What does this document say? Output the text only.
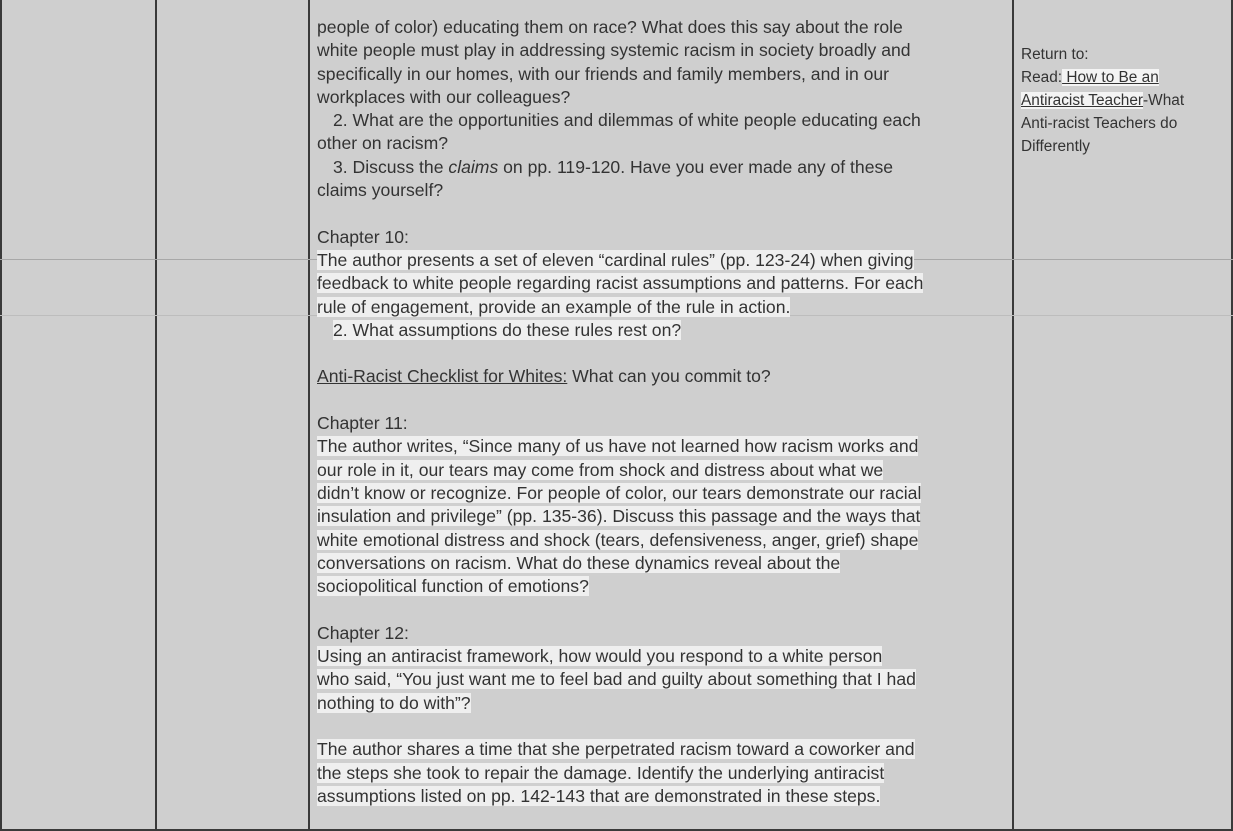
people of color) educating them on race? What does this say about the role
white people must play in addressing systemic racism in society broadly and
specifically in our homes, with our friends and family members, and in our
workplaces with our colleagues?

2. What are the opportunities and dilemmas of white people educating each
other on racism?

3. Discuss the claims on pp. 119-120. Have you ever made any of these
claims yourself?

Chapter 10:

The author presents a set of eleven “cardinal rules” (pp. 123-24) when giving
feedback to white people regarding racist assumptions and patterns. For each
rule of engagement, provide an example of the rule in action.

2. What assumptions do these rules rest on?

Anti-Racist Checklist for Whites: What can you commit to?

Chapter 11:

The author writes, “Since many of us have not learned how racism works and
our role in it, our tears may come from shock and distress about what we
didn’t know or recognize. For people of color, our tears demonstrate our racial
insulation and privilege” (pp. 135-36). Discuss this passage and the ways that
white emotional distress and shock (tears, defensiveness, anger, grief) shape
conversations on racism. What do these dynamics reveal about the
sociopolitical function of emotions?

Chapter 12:

Using an antiracist framework, how would you respond to a white person
who said, “You just want me to feel bad and guilty about something that I had
nothing to do with”?

The author shares a time that she perpetrated racism toward a coworker and
the steps she took to repair the damage. Identify the underlying antiracist
assumptions listed on pp. 142-143 that are demonstrated in these steps.

Return to:

Read: How to Be an

Antiracist Teacher-What

Anti-racist Teachers do

Differently
